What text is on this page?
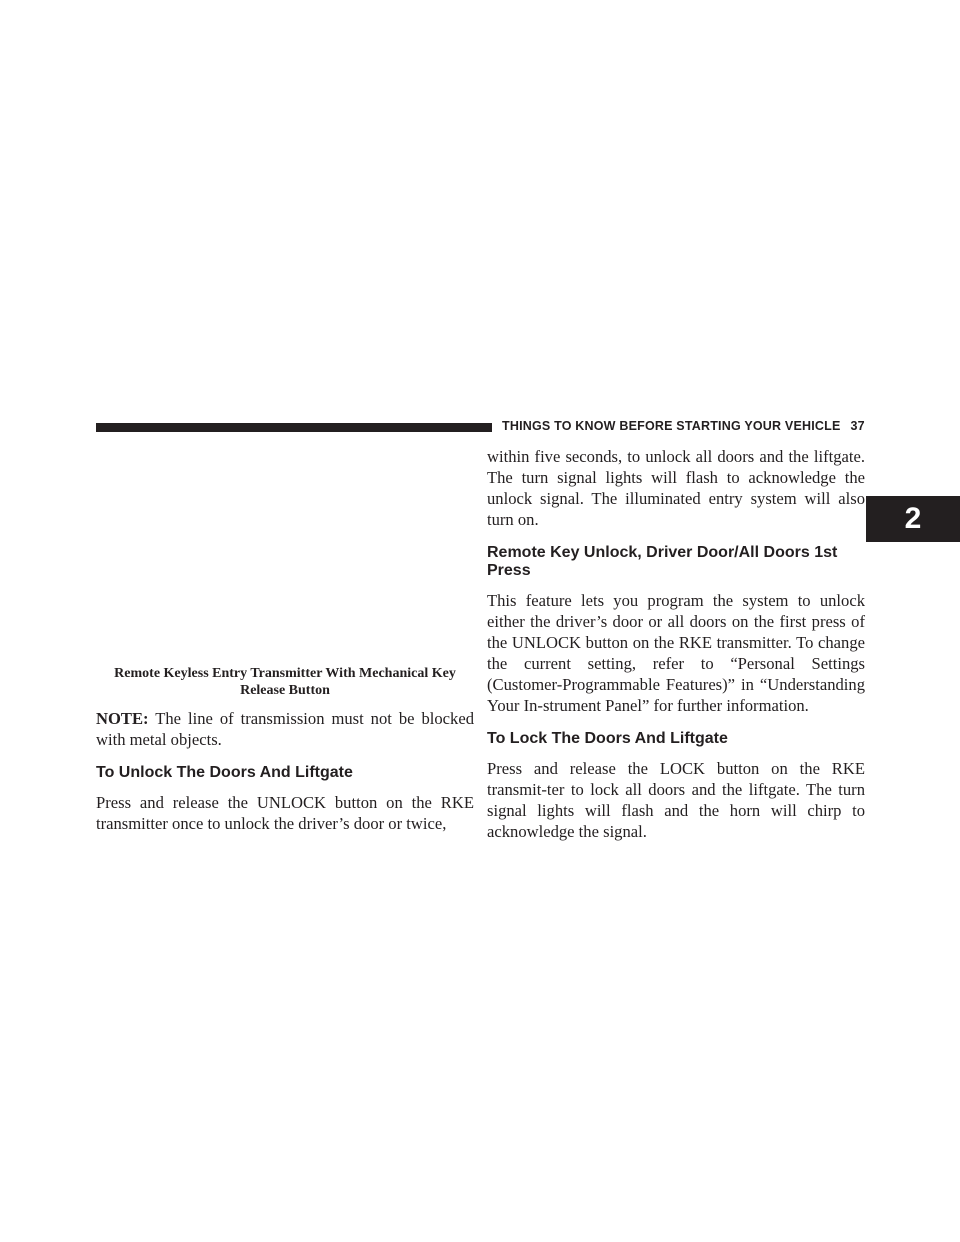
THINGS TO KNOW BEFORE STARTING YOUR VEHICLE 37
2
Remote Keyless Entry Transmitter With Mechanical Key
Release Button

NOTE: The line of transmission must not be blocked with metal objects.

To Unlock The Doors And Liftgate

Press and release the UNLOCK button on the RKE transmitter once to unlock the driver’s door or twice,

within five seconds, to unlock all doors and the liftgate. The turn signal lights will flash to acknowledge the unlock signal. The illuminated entry system will also turn on.

Remote Key Unlock, Driver Door/All Doors 1st Press

This feature lets you program the system to unlock either the driver’s door or all doors on the first press of the UNLOCK button on the RKE transmitter. To change the current setting, refer to “Personal Settings (Customer-Programmable Features)” in “Understanding Your In-strument Panel” for further information.

To Lock The Doors And Liftgate

Press and release the LOCK button on the RKE transmit-ter to lock all doors and the liftgate. The turn signal lights will flash and the horn will chirp to acknowledge the signal.
